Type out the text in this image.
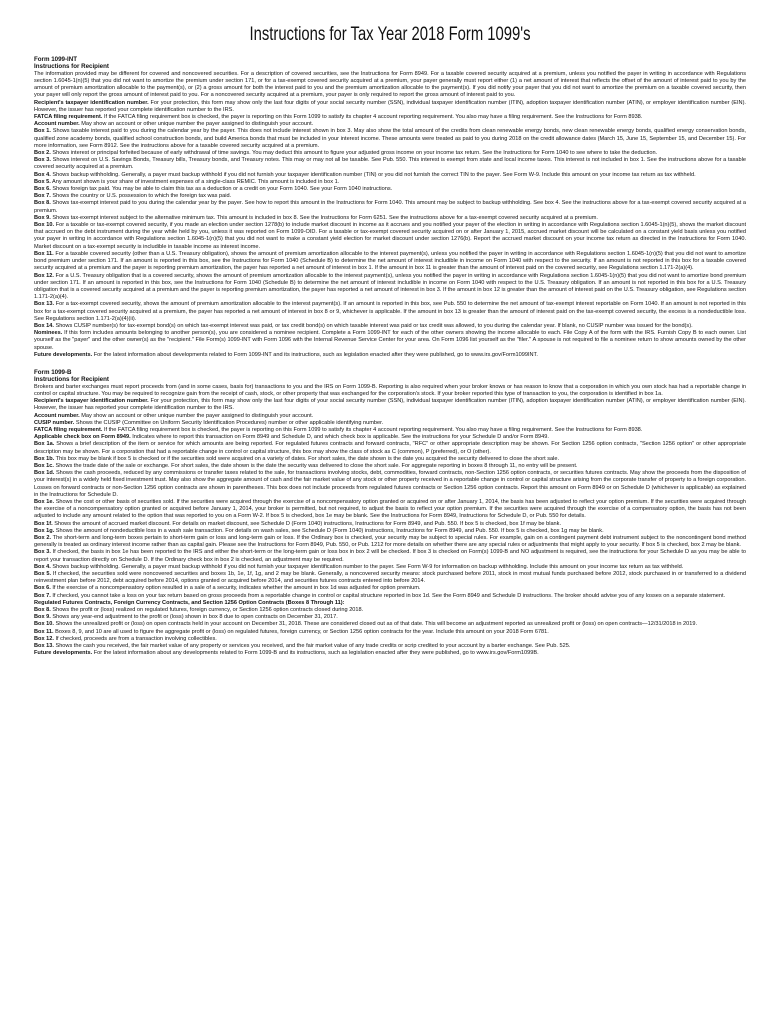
Instructions for Tax Year 2018 Form 1099's
Form 1099-INT
Instructions for Recipient

The information provided may be different for covered and noncovered securities. For a description of covered securities, see the Instructions for Form 8949. For a taxable covered security acquired at a premium, unless you notified the payer in writing in accordance with Regulations section 1.6045-1(n)(5) that you did not want to amortize the premium under section 171, or for a tax-exempt covered security acquired at a premium, your payer generally must report either (1) a net amount of interest that reflects the offset of the amount of interest paid to you by the amount of premium amortization allocable to the payment(s), or (2) a gross amount for both the interest paid to you and the premium amortization allocable to the payment(s). If you did notify your payer that you did not want to amortize the premium on a taxable covered security, then your payer will only report the gross amount of interest paid to you. For a noncovered security acquired at a premium, your payer is only required to report the gross amount of interest paid to you.

Recipient's taxpayer identification number. For your protection, this form may show only the last four digits of your social security number (SSN), individual taxpayer identification number (ITIN), adoption taxpayer identification number (ATIN), or employer identification number (EIN). However, the issuer has reported your complete identification number to the IRS.

FATCA filing requirement. If the FATCA filing requirement box is checked, the payer is reporting on this Form 1099 to satisfy its chapter 4 account reporting requirement. You also may have a filing requirement. See the Instructions for Form 8938.

Account number. May show an account or other unique number the payer assigned to distinguish your account.

Box 1. Shows taxable interest paid to you during the calendar year by the payer. This does not include interest shown in box 3. May also show the total amount of the credits from clean renewable energy bonds, new clean renewable energy bonds, qualified energy conservation bonds, qualified zone academy bonds, qualified school construction bonds, and build America bonds that must be included in your interest income. These amounts were treated as paid to you during 2018 on the credit allowance dates (March 15, June 15, September 15, and December 15). For more information, see Form 8912. See the instructions above for a taxable covered security acquired at a premium.

Box 2. Shows interest or principal forfeited because of early withdrawal of time savings. You may deduct this amount to figure your adjusted gross income on your income tax return. See the Instructions for Form 1040 to see where to take the deduction.

Box 3. Shows interest on U.S. Savings Bonds, Treasury bills, Treasury bonds, and Treasury notes. This may or may not all be taxable. See Pub. 550. This interest is exempt from state and local income taxes. This interest is not included in box 1. See the instructions above for a taxable covered security acquired at a premium.

Box 4. Shows backup withholding. Generally, a payer must backup withhold if you did not furnish your taxpayer identification number (TIN) or you did not furnish the correct TIN to the payer. See Form W-9. Include this amount on your income tax return as tax withheld.

Box 5. Any amount shown is your share of investment expenses of a single-class REMIC. This amount is included in box 1.

Box 6. Shows foreign tax paid. You may be able to claim this tax as a deduction or a credit on your Form 1040. See your Form 1040 instructions.

Box 7. Shows the country or U.S. possession to which the foreign tax was paid.

Box 8. Shows tax-exempt interest paid to you during the calendar year by the payer. See how to report this amount in the Instructions for Form 1040. This amount may be subject to backup withholding. See box 4. See the instructions above for a tax-exempt covered security acquired at a premium.

Box 9. Shows tax-exempt interest subject to the alternative minimum tax. This amount is included in box 8. See the Instructions for Form 6251. See the instructions above for a tax-exempt covered security acquired at a premium.

Box 10. For a taxable or tax-exempt covered security, if you made an election under section 1278(b) to include market discount in income as it accrues and you notified your payer of the election in writing in accordance with Regulations section 1.6045-1(n)(5), shows the market discount that accrued on the debt instrument during the year while held by you, unless it was reported on Form 1099-OID. For a taxable or tax-exempt covered security acquired on or after January 1, 2015, accrued market discount will be calculated on a constant yield basis unless you notified your payer in writing in accordance with Regulations section 1.6045-1(n)(5) that you did not want to make a constant yield election for market discount under section 1276(b). Report the accrued market discount on your income tax return as directed in the Instructions for Form 1040. Market discount on a tax-exempt security is includible in taxable income as interest income.

Box 11. For a taxable covered security (other than a U.S. Treasury obligation), shows the amount of premium amortization allocable to the interest payment(s), unless you notified the payer in writing in accordance with Regulations section 1.6045-1(n)(5) that you did not want to amortize bond premium under section 171. If an amount is reported in this box, see the Instructions for Form 1040 (Schedule B) to determine the net amount of interest includible in income on Form 1040 with respect to the security. If an amount is not reported in this box for a taxable covered security acquired at a premium and the payer is reporting premium amortization, the payer has reported a net amount of interest in box 1. If the amount in box 11 is greater than the amount of interest paid on the covered security, see Regulations section 1.171-2(a)(4).

Box 12. For a U.S. Treasury obligation that is a covered security, shows the amount of premium amortization allocable to the interest payment(s), unless you notified the payer in writing in accordance with Regulations section 1.6045-1(n)(5) that you did not want to amortize bond premium under section 171. If an amount is reported in this box, see the Instructions for Form 1040 (Schedule B) to determine the net amount of interest includible in income on Form 1040 with respect to the U.S. Treasury obligation. If an amount is not reported in this box for a U.S. Treasury obligation that is a covered security acquired at a premium and the payer is reporting premium amortization, the payer has reported a net amount of interest in box 3. If the amount in box 12 is greater than the amount of interest paid on the U.S. Treasury obligation, see Regulations section 1.171-2(a)(4).

Box 13. For a tax-exempt covered security, shows the amount of premium amortization allocable to the interest payment(s). If an amount is reported in this box, see Pub. 550 to determine the net amount of tax-exempt interest reportable on Form 1040. If an amount is not reported in this box for a tax-exempt covered security acquired at a premium, the payer has reported a net amount of interest in box 8 or 9, whichever is applicable. If the amount in box 13 is greater than the amount of interest paid on the tax-exempt covered security, the excess is a nondeductible loss. See Regulations section 1.171-2(a)(4)(ii).

Box 14. Shows CUSIP number(s) for tax-exempt bond(s) on which tax-exempt interest was paid, or tax credit bond(s) on which taxable interest was paid or tax credit was allowed, to you during the calendar year. If blank, no CUSIP number was issued for the bond(s).

Nominees. If this form includes amounts belonging to another person(s), you are considered a nominee recipient. Complete a Form 1099-INT for each of the other owners showing the income allocable to each. File Copy A of the form with the IRS. Furnish Copy B to each owner. List yourself as the "payer" and the other owner(s) as the "recipient." File Form(s) 1099-INT with Form 1096 with the Internal Revenue Service Center for your area. On Form 1096 list yourself as the "filer." A spouse is not required to file a nominee return to show amounts owned by the other spouse.

Future developments. For the latest information about developments related to Form 1099-INT and its instructions, such as legislation enacted after they were published, go to www.irs.gov/Form1099INT.

Form 1099-B
Instructions for Recipient

Brokers and barter exchanges must report proceeds from (and in some cases, basis for) transactions to you and the IRS on Form 1099-B. Reporting is also required when your broker knows or has reason to know that a corporation in which you own stock has had a reportable change in control or capital structure. You may be required to recognize gain from the receipt of cash, stock, or other property that was exchanged for the corporation's stock. If your broker reported this type of transaction to you, the corporation is identified in box 1a.

Recipient's taxpayer identification number. For your protection, this form may show only the last four digits of your social security number (SSN), individual taxpayer identification number (ITIN), adoption taxpayer identification number (ATIN), or employer identification number (EIN). However, the issuer has reported your complete identification number to the IRS.

Account number. May show an account or other unique number the payer assigned to distinguish your account.

CUSIP number. Shows the CUSIP (Committee on Uniform Security Identification Procedures) number or other applicable identifying number.

FATCA filing requirement. If the FATCA filing requirement box is checked, the payer is reporting on this Form 1099 to satisfy its chapter 4 account reporting requirement. You also may have a filing requirement. See the Instructions for Form 8938.

Applicable check box on Form 8949. Indicates where to report this transaction on Form 8949 and Schedule D, and which check box is applicable. See the instructions for your Schedule D and/or Form 8949.

Box 1a. Shows a brief description of the item or service for which amounts are being reported. For regulated futures contracts and forward contracts, "RFC" or other appropriate description may be shown. For Section 1256 option contracts, "Section 1256 option" or other appropriate description may be shown. For a corporation that had a reportable change in control or capital structure, this box may show the class of stock as C (common), P (preferred), or O (other).

Box 1b. This box may be blank if box 5 is checked or if the securities sold were acquired on a variety of dates. For short sales, the date shown is the date you acquired the security delivered to close the short sale.

Box 1c. Shows the trade date of the sale or exchange. For short sales, the date shown is the date the security was delivered to close the short sale. For aggregate reporting in boxes 8 through 11, no entry will be present.

Box 1d. Shows the cash proceeds, reduced by any commissions or transfer taxes related to the sale, for transactions involving stocks, debt, commodities, forward contracts, non-Section 1256 option contracts, or securities futures contracts. May show the proceeds from the disposition of your interest(s) in a widely held fixed investment trust. May also show the aggregate amount of cash and the fair market value of any stock or other property received in a reportable change in control or capital structure arising from the corporate transfer of property to a foreign corporation. Losses on forward contracts or non-Section 1256 option contracts are shown in parentheses. This box does not include proceeds from regulated futures contracts or Section 1256 option contracts. Report this amount on Form 8949 or on Schedule D (whichever is applicable) as explained in the Instructions for Schedule D.

Box 1e. Shows the cost or other basis of securities sold. If the securities were acquired through the exercise of a noncompensatory option granted or acquired on or after January 1, 2014, the basis has been adjusted to reflect your option premium. If the securities were acquired through the exercise of a noncompensatory option granted or acquired before January 1, 2014, your broker is permitted, but not required, to adjust the basis to reflect your option premium. If the securities were acquired through the exercise of a compensatory option, the basis has not been adjusted to include any amount related to the option that was reported to you on a Form W-2. If box 5 is checked, box 1e may be blank. See the Instructions for Form 8949, Instructions for Schedule D, or Pub. 550 for details.

Box 1f. Shows the amount of accrued market discount. For details on market discount, see Schedule D (Form 1040) instructions, Instructions for Form 8949, and Pub. 550. If box 5 is checked, box 1f may be blank.

Box 1g. Shows the amount of nondeductible loss in a wash sale transaction. For details on wash sales, see Schedule D (Form 1040) instructions, Instructions for Form 8949, and Pub. 550. If box 5 is checked, box 1g may be blank.

Box 2. The short-term and long-term boxes pertain to short-term gain or loss and long-term gain or loss. If the Ordinary box is checked, your security may be subject to special rules. For example, gain on a contingent payment debt instrument subject to the noncontingent bond method generally is treated as ordinary interest income rather than as capital gain. Please see the Instructions for Form 8949, Pub. 550, or Pub. 1212 for more details on whether there are any special rules or adjustments that might apply to your security. If box 5 is checked, box 2 may be blank.

Box 3. If checked, the basis in box 1e has been reported to the IRS and either the short-term or the long-term gain or loss box in box 2 will be checked. If box 3 is checked on Form(s) 1099-B and NO adjustment is required, see the instructions for your Schedule D as you may be able to report your transaction directly on Schedule D. If the Ordinary check box in box 2 is checked, an adjustment may be required.

Box 4. Shows backup withholding. Generally, a payer must backup withhold if you did not furnish your taxpayer identification number to the payer. See Form W-9 for information on backup withholding. Include this amount on your income tax return as tax withheld.

Box 5. If checked, the securities sold were noncovered securities and boxes 1b, 1e, 1f, 1g, and 2 may be blank. Generally, a noncovered security means: stock purchased before 2011, stock in most mutual funds purchased before 2012, stock purchased in or transferred to a dividend reinvestment plan before 2012, debt acquired before 2014, options granted or acquired before 2014, and securities futures contracts entered into before 2014.

Box 6. If the exercise of a noncompensatory option resulted in a sale of a security, indicates whether the amount in box 1d was adjusted for option premium.

Box 7. If checked, you cannot take a loss on your tax return based on gross proceeds from a reportable change in control or capital structure reported in box 1d. See the Form 8949 and Schedule D instructions. The broker should advise you of any losses on a separate statement.

Regulated Futures Contracts, Foreign Currency Contracts, and Section 1256 Option Contracts (Boxes 8 Through 11):

Box 8. Shows the profit or (loss) realized on regulated futures, foreign currency, or Section 1256 option contracts closed during 2018.

Box 9. Shows any year-end adjustment to the profit or (loss) shown in box 8 due to open contracts on December 31, 2017.

Box 10. Shows the unrealized profit or (loss) on open contracts held in your account on December 31, 2018. These are considered closed out as of that date. This will become an adjustment reported as unrealized profit or (loss) on open contracts—12/31/2018 in 2019.

Box 11. Boxes 8, 9, and 10 are all used to figure the aggregate profit or (loss) on regulated futures, foreign currency, or Section 1256 option contracts for the year. Include this amount on your 2018 Form 6781.

Box 12. If checked, proceeds are from a transaction involving collectibles.

Box 13. Shows the cash you received, the fair market value of any property or services you received, and the fair market value of any trade credits or scrip credited to your account by a barter exchange. See Pub. 525.

Future developments. For the latest information about any developments related to Form 1099-B and its instructions, such as legislation enacted after they were published, go to www.irs.gov/Form1099B.
